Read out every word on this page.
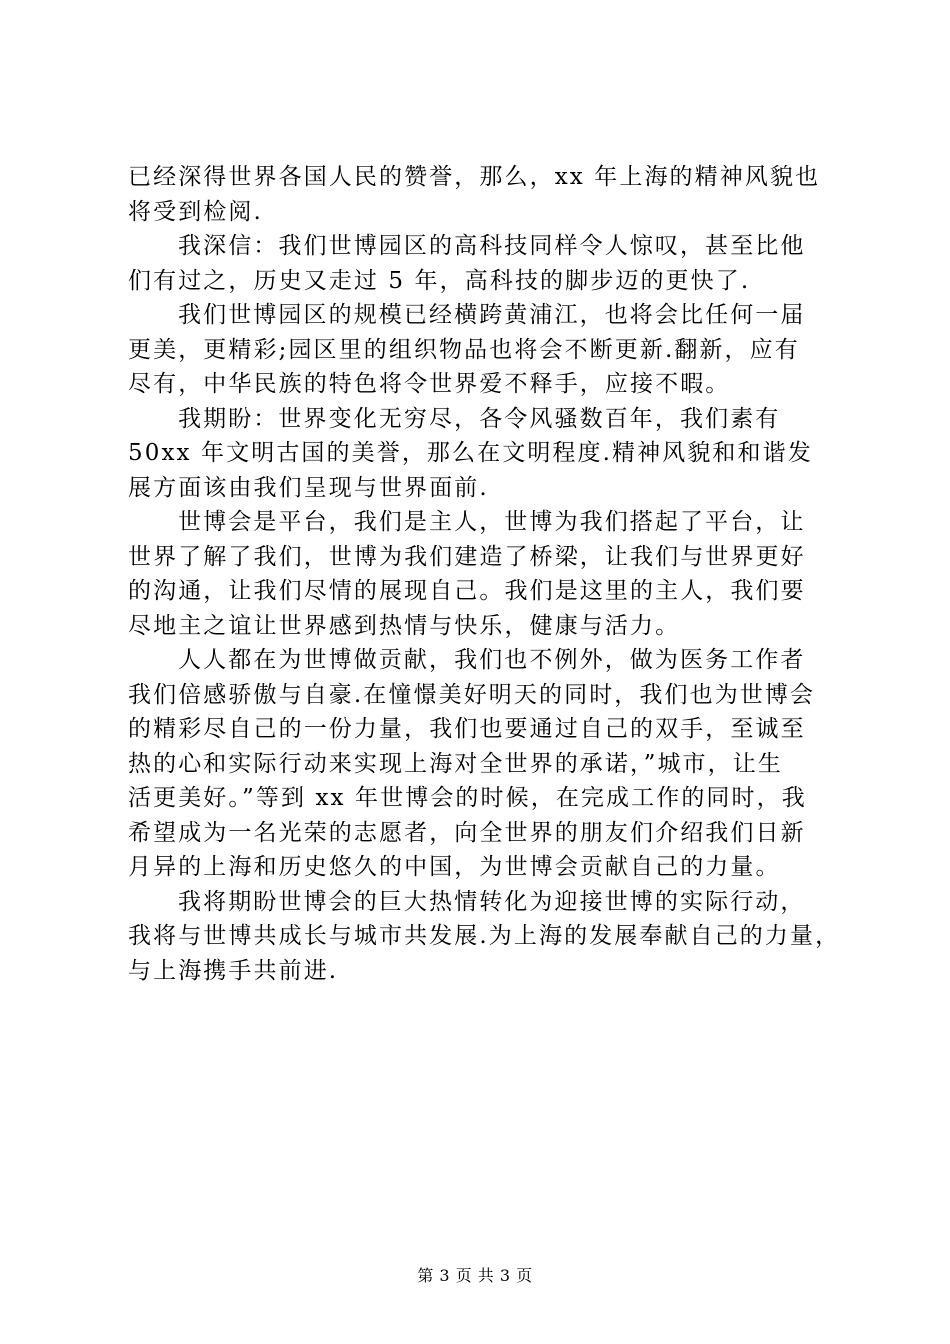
已经深得世界各国人民的赞誉，那么，xx 年上海的精神风貌也
将受到检阅.

我深信：我们世博园区的高科技同样令人惊叹，甚至比他
们有过之，历史又走过 5 年，高科技的脚步迈的更快了.

我们世博园区的规模已经横跨黄浦江，也将会比任何一届
更美，更精彩;园区里的组织物品也将会不断更新.翻新，应有
尽有，中华民族的特色将令世界爱不释手，应接不暇。

我期盼：世界变化无穷尽，各令风骚数百年，我们素有
50xx 年文明古国的美誉，那么在文明程度.精神风貌和和谐发
展方面该由我们呈现与世界面前.

世博会是平台，我们是主人，世博为我们搭起了平台，让
世界了解了我们，世博为我们建造了桥梁，让我们与世界更好
的沟通，让我们尽情的展现自己。我们是这里的主人，我们要
尽地主之谊让世界感到热情与快乐，健康与活力。

人人都在为世博做贡献，我们也不例外，做为医务工作者
我们倍感骄傲与自豪.在憧憬美好明天的同时，我们也为世博会
的精彩尽自己的一份力量，我们也要通过自己的双手，至诚至
热的心和实际行动来实现上海对全世界的承诺，”城市，让生
活更美好。”等到 xx 年世博会的时候，在完成工作的同时，我
希望成为一名光荣的志愿者，向全世界的朋友们介绍我们日新
月异的上海和历史悠久的中国，为世博会贡献自己的力量。

我将期盼世博会的巨大热情转化为迎接世博的实际行动，
我将与世博共成长与城市共发展.为上海的发展奉献自己的力量，
与上海携手共前进.

第 3 页 共 3 页
